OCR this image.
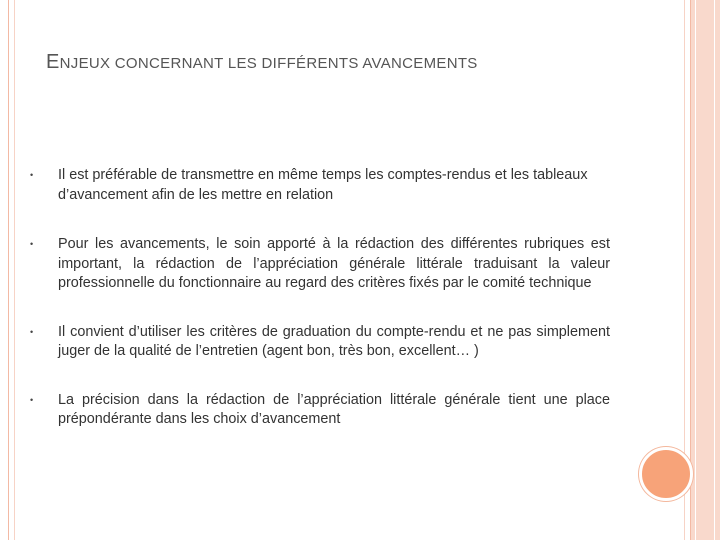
ENJEUX CONCERNANT LES DIFFÉRENTS AVANCEMENTS
• Il est préférable de transmettre en même temps les comptes-rendus et les tableaux d’avancement afin de les mettre en relation
• Pour les avancements, le soin apporté à la rédaction des différentes rubriques est important, la rédaction de l’appréciation générale littérale traduisant la valeur professionnelle du fonctionnaire au regard des critères fixés par le comité technique
• Il convient d’utiliser les critères de graduation du compte-rendu et ne pas simplement juger de la qualité de l’entretien (agent bon, très bon, excellent… )
• La précision dans la rédaction de l’appréciation littérale générale tient une place prépondérante dans les choix d’avancement
